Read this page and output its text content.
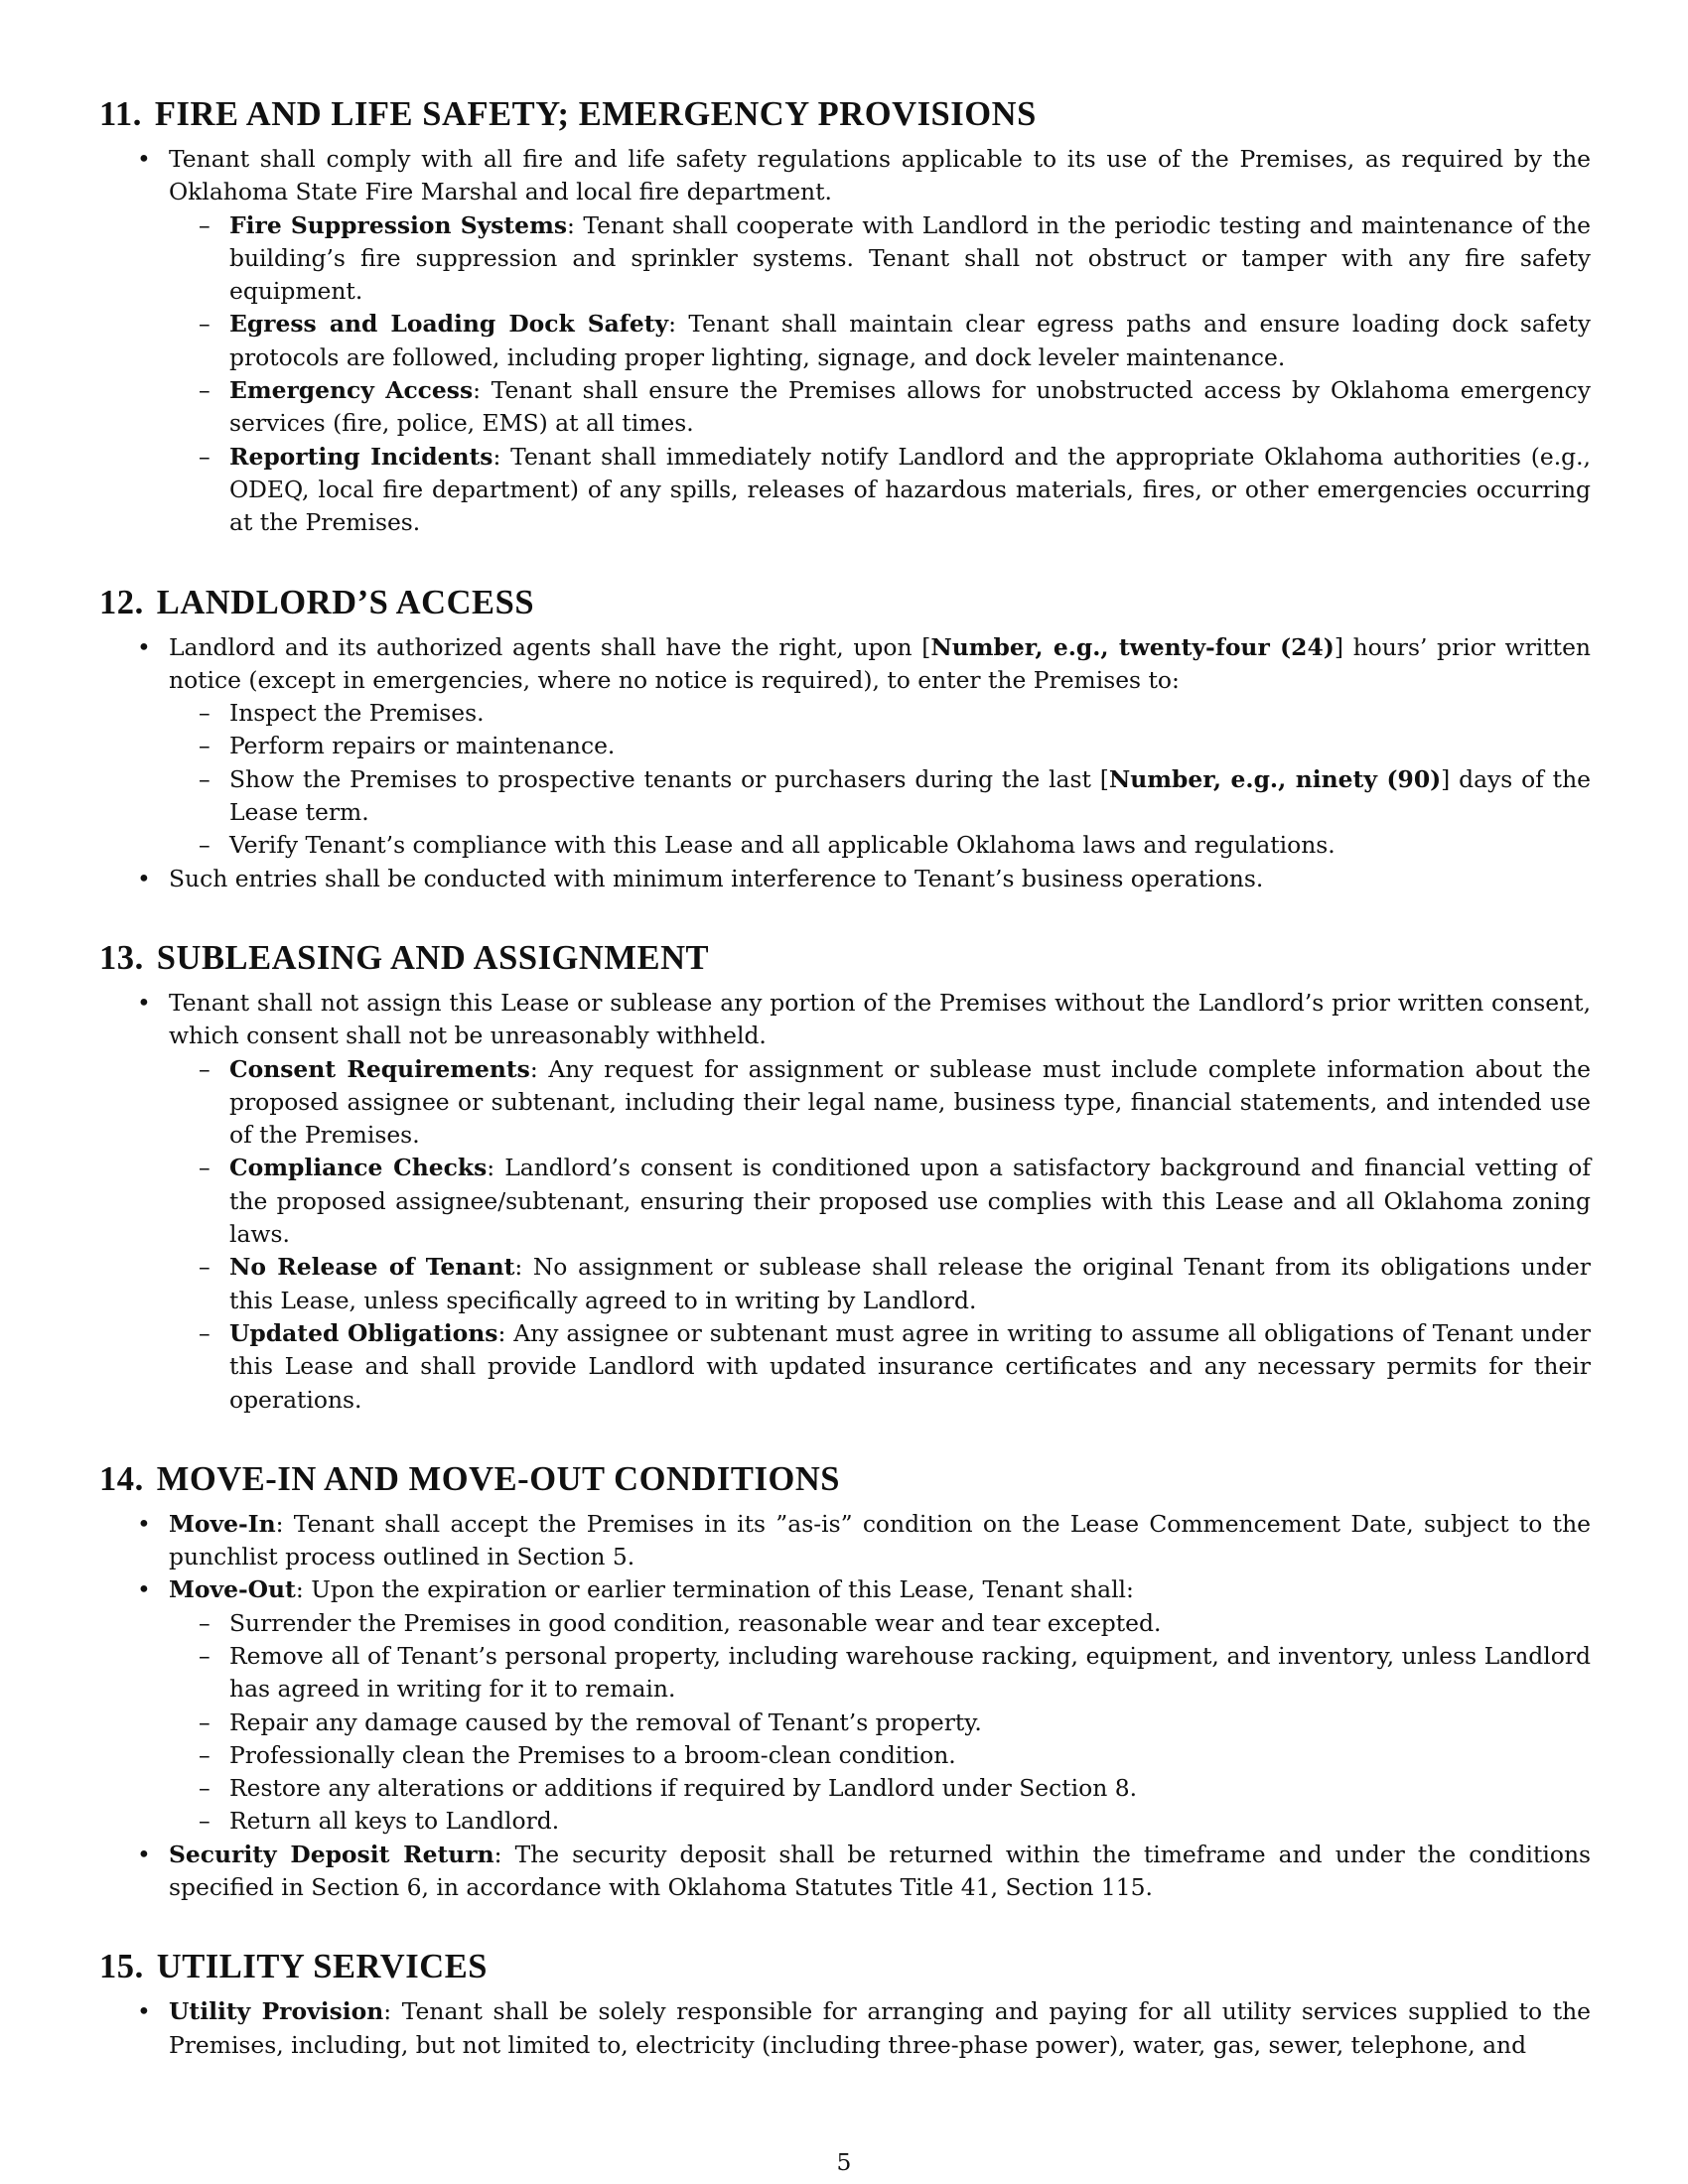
11. FIRE AND LIFE SAFETY; EMERGENCY PROVISIONS
• Tenant shall comply with all fire and life safety regulations applicable to its use of the Premises, as required by the Oklahoma State Fire Marshal and local fire department.
– Fire Suppression Systems: Tenant shall cooperate with Landlord in the periodic testing and maintenance of the building’s fire suppression and sprinkler systems. Tenant shall not obstruct or tamper with any fire safety equipment.
– Egress and Loading Dock Safety: Tenant shall maintain clear egress paths and ensure loading dock safety protocols are followed, including proper lighting, signage, and dock leveler maintenance.
– Emergency Access: Tenant shall ensure the Premises allows for unobstructed access by Oklahoma emergency services (fire, police, EMS) at all times.
– Reporting Incidents: Tenant shall immediately notify Landlord and the appropriate Oklahoma authorities (e.g., ODEQ, local fire department) of any spills, releases of hazardous materials, fires, or other emergencies occurring at the Premises.
12. LANDLORD’S ACCESS
• Landlord and its authorized agents shall have the right, upon [Number, e.g., twenty-four (24)] hours’ prior written notice (except in emergencies, where no notice is required), to enter the Premises to:
– Inspect the Premises.
– Perform repairs or maintenance.
– Show the Premises to prospective tenants or purchasers during the last [Number, e.g., ninety (90)] days of the Lease term.
– Verify Tenant’s compliance with this Lease and all applicable Oklahoma laws and regulations.
• Such entries shall be conducted with minimum interference to Tenant’s business operations.
13. SUBLEASING AND ASSIGNMENT
• Tenant shall not assign this Lease or sublease any portion of the Premises without the Landlord’s prior written consent, which consent shall not be unreasonably withheld.
– Consent Requirements: Any request for assignment or sublease must include complete information about the proposed assignee or subtenant, including their legal name, business type, financial statements, and intended use of the Premises.
– Compliance Checks: Landlord’s consent is conditioned upon a satisfactory background and financial vetting of the proposed assignee/subtenant, ensuring their proposed use complies with this Lease and all Oklahoma zoning laws.
– No Release of Tenant: No assignment or sublease shall release the original Tenant from its obligations under this Lease, unless specifically agreed to in writing by Landlord.
– Updated Obligations: Any assignee or subtenant must agree in writing to assume all obligations of Tenant under this Lease and shall provide Landlord with updated insurance certificates and any necessary permits for their operations.
14. MOVE-IN AND MOVE-OUT CONDITIONS
• Move-In: Tenant shall accept the Premises in its ”as-is” condition on the Lease Commencement Date, subject to the punchlist process outlined in Section 5.
• Move-Out: Upon the expiration or earlier termination of this Lease, Tenant shall:
– Surrender the Premises in good condition, reasonable wear and tear excepted.
– Remove all of Tenant’s personal property, including warehouse racking, equipment, and inventory, unless Landlord has agreed in writing for it to remain.
– Repair any damage caused by the removal of Tenant’s property.
– Professionally clean the Premises to a broom-clean condition.
– Restore any alterations or additions if required by Landlord under Section 8.
– Return all keys to Landlord.
• Security Deposit Return: The security deposit shall be returned within the timeframe and under the conditions specified in Section 6, in accordance with Oklahoma Statutes Title 41, Section 115.
15. UTILITY SERVICES
• Utility Provision: Tenant shall be solely responsible for arranging and paying for all utility services supplied to the Premises, including, but not limited to, electricity (including three-phase power), water, gas, sewer, telephone, and
5
